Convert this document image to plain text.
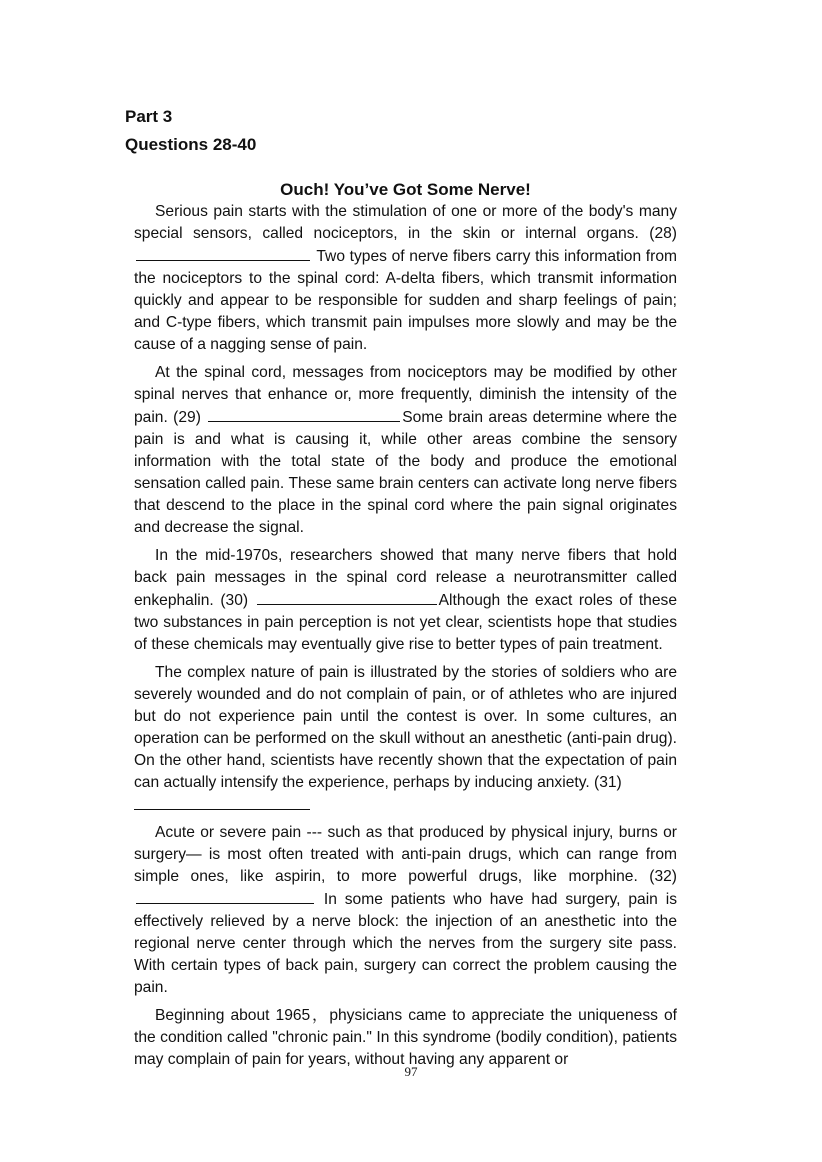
Part 3
Questions 28-40
Ouch! You’ve Got Some Nerve!

Serious pain starts with the stimulation of one or more of the body's many special sensors, called nociceptors, in the skin or internal organs. (28)  Two types of nerve fibers carry this information from the nociceptors to the spinal cord: A-delta fibers, which transmit information quickly and appear to be responsible for sudden and sharp feelings of pain; and C-type fibers, which transmit pain impulses more slowly and may be the cause of a nagging sense of pain.

At the spinal cord, messages from nociceptors may be modified by other spinal nerves that enhance or, more frequently, diminish the intensity of the pain. (29)	Some brain areas determine where the pain is and what is causing it, while other areas combine the sensory information with the total state of the body and produce the emotional sensation called pain. These same brain centers can activate long nerve fibers that descend to the place in the spinal cord where the pain signal originates and decrease the signal.

In the mid-1970s, researchers showed that many nerve fibers that hold back pain messages in the spinal cord release a neurotransmitter called enkephalin. (30)	Although the exact roles of these two substances in pain perception is not yet clear, scientists hope that studies of these chemicals may eventually give rise to better types of pain treatment.

The complex nature of pain is illustrated by the stories of soldiers who are severely wounded and do not complain of pain, or of athletes who are injured but do not experience pain until the contest is over. In some cultures, an operation can be performed on the skull without an anesthetic (anti-pain drug). On the other hand, scientists have recently shown that the expectation of pain can actually intensify the experience, perhaps by inducing anxiety. (31)

Acute or severe pain --- such as that produced by physical injury, burns or surgery— is most often treated with anti-pain drugs, which can range from simple ones, like aspirin, to more powerful drugs, like morphine. (32) In some patients who have had surgery, pain is effectively relieved by a nerve block: the injection of an anesthetic into the regional nerve center through which the nerves from the surgery site pass. With certain types of back pain, surgery can correct the problem causing the pain.

Beginning about 1965，physicians came to appreciate the uniqueness of the condition called "chronic pain." In this syndrome (bodily condition), patients may complain of pain for years, without having any apparent or

97
